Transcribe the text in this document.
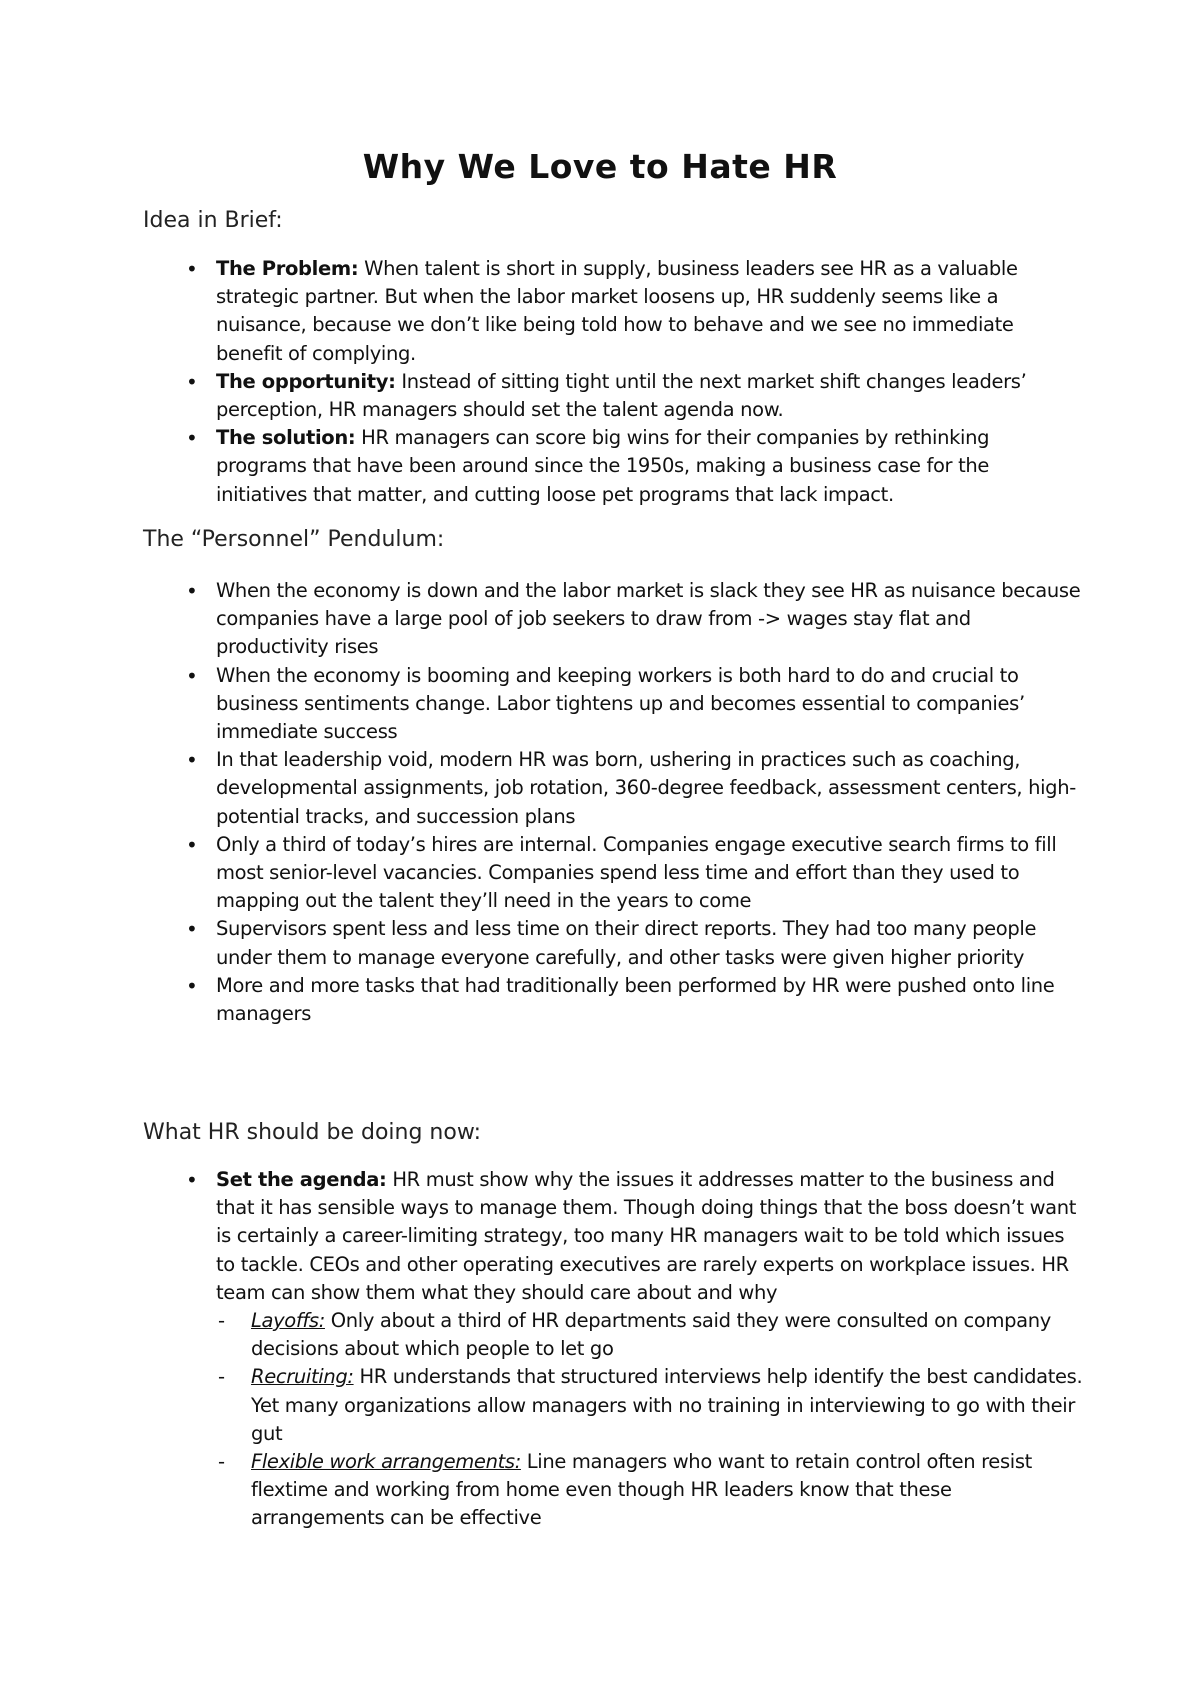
Why We Love to Hate HR
Idea in Brief:
• The Problem: When talent is short in supply, business leaders see HR as a valuable strategic partner. But when the labor market loosens up, HR suddenly seems like a nuisance, because we don’t like being told how to behave and we see no immediate benefit of complying.
• The opportunity: Instead of sitting tight until the next market shift changes leaders’ perception, HR managers should set the talent agenda now.
• The solution: HR managers can score big wins for their companies by rethinking programs that have been around since the 1950s, making a business case for the initiatives that matter, and cutting loose pet programs that lack impact.
The “Personnel” Pendulum:
• When the economy is down and the labor market is slack they see HR as nuisance because companies have a large pool of job seekers to draw from -> wages stay flat and productivity rises
• When the economy is booming and keeping workers is both hard to do and crucial to business sentiments change. Labor tightens up and becomes essential to companies’ immediate success
• In that leadership void, modern HR was born, ushering in practices such as coaching, developmental assignments, job rotation, 360-degree feedback, assessment centers, high-potential tracks, and succession plans
• Only a third of today’s hires are internal. Companies engage executive search firms to fill most senior-level vacancies. Companies spend less time and effort than they used to mapping out the talent they’ll need in the years to come
• Supervisors spent less and less time on their direct reports. They had too many people under them to manage everyone carefully, and other tasks were given higher priority
• More and more tasks that had traditionally been performed by HR were pushed onto line managers
What HR should be doing now:
• Set the agenda: HR must show why the issues it addresses matter to the business and that it has sensible ways to manage them. Though doing things that the boss doesn’t want is certainly a career-limiting strategy, too many HR managers wait to be told which issues to tackle. CEOs and other operating executives are rarely experts on workplace issues. HR team can show them what they should care about and why
- Layoffs: Only about a third of HR departments said they were consulted on company decisions about which people to let go
- Recruiting: HR understands that structured interviews help identify the best candidates. Yet many organizations allow managers with no training in interviewing to go with their gut
- Flexible work arrangements: Line managers who want to retain control often resist flextime and working from home even though HR leaders know that these arrangements can be effective
